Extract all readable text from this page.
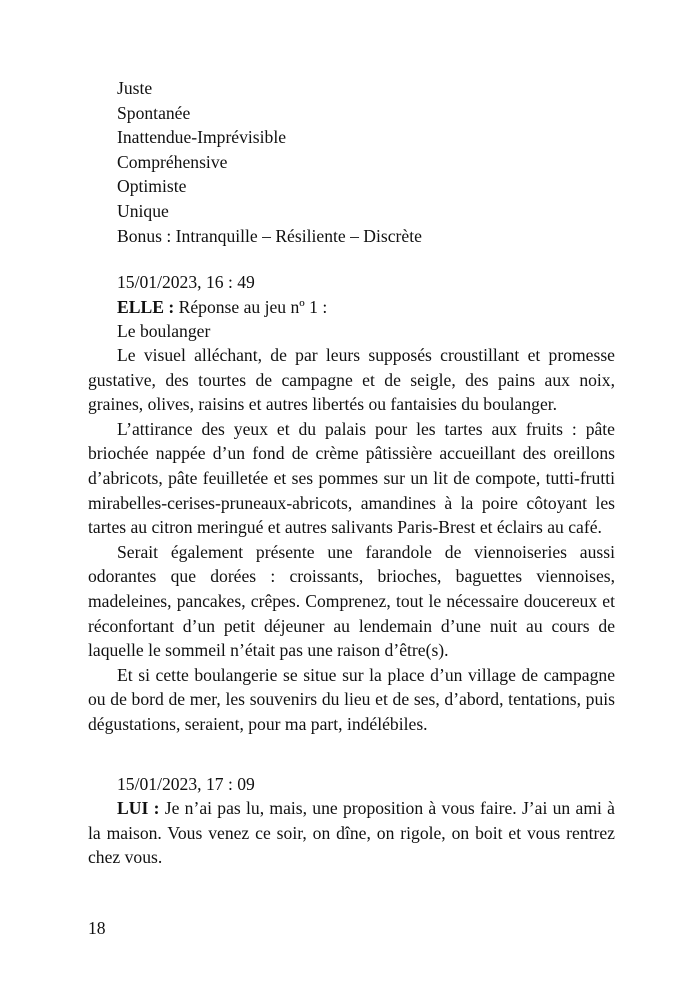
Juste

Spontanée

Inattendue-Imprévisible

Compréhensive

Optimiste

Unique

Bonus : Intranquille – Résiliente – Discrète

15/01/2023, 16 : 49

ELLE : Réponse au jeu nº 1 :

Le boulanger

Le visuel alléchant, de par leurs supposés croustillant et promesse gustative, des tourtes de campagne et de seigle, des pains aux noix, graines, olives, raisins et autres libertés ou fantaisies du boulanger.

L’attirance des yeux et du palais pour les tartes aux fruits : pâte briochée nappée d’un fond de crème pâtissière accueillant des oreillons d’abricots, pâte feuilletée et ses pommes sur un lit de compote, tutti-frutti mirabelles-cerises-pruneaux-abricots, amandines à la poire côtoyant les tartes au citron meringué et autres salivants Paris-Brest et éclairs au café.

Serait également présente une farandole de viennoiseries aussi odorantes que dorées : croissants, brioches, baguettes viennoises, madeleines, pancakes, crêpes. Comprenez, tout le nécessaire doucereux et réconfortant d’un petit déjeuner au lendemain d’une nuit au cours de laquelle le sommeil n’était pas une raison d’être(s).

Et si cette boulangerie se situe sur la place d’un village de campagne ou de bord de mer, les souvenirs du lieu et de ses, d’abord, tentations, puis dégustations, seraient, pour ma part, indélébiles.

15/01/2023, 17 : 09

LUI : Je n’ai pas lu, mais, une proposition à vous faire. J’ai un ami à la maison. Vous venez ce soir, on dîne, on rigole, on boit et vous rentrez chez vous.

18
